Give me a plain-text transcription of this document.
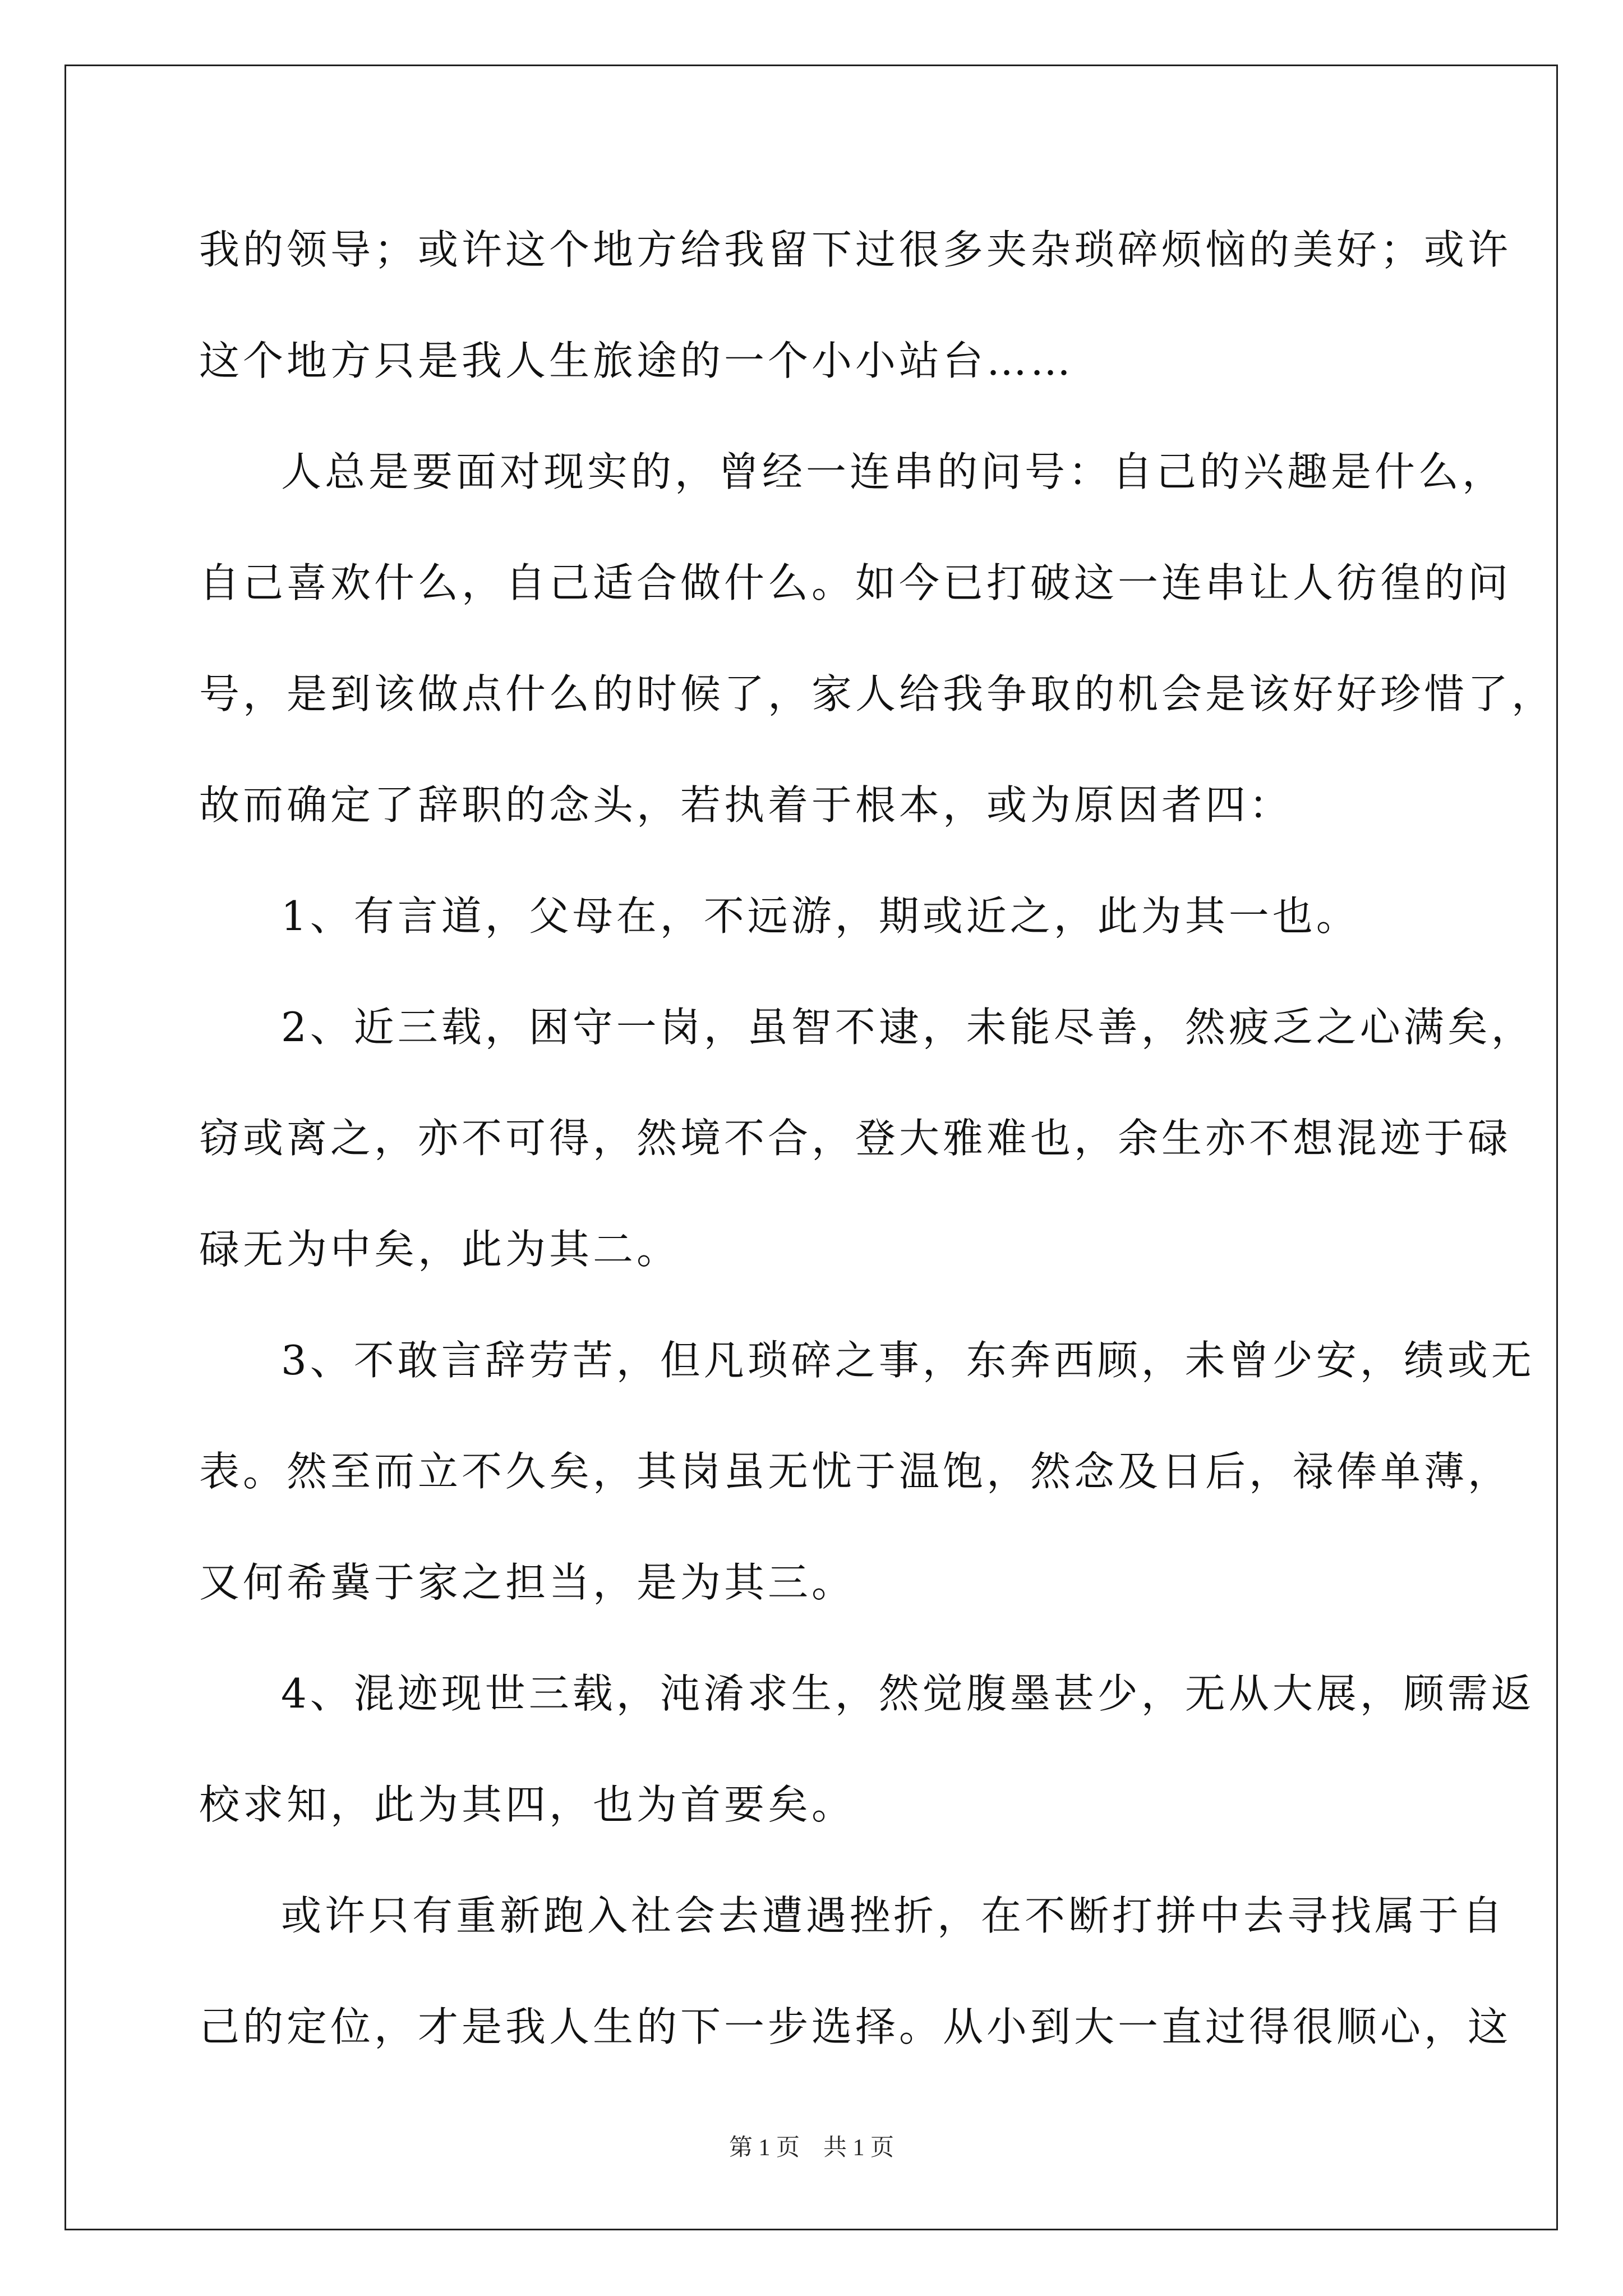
我的领导；或许这个地方给我留下过很多夹杂琐碎烦恼的美好；或许
这个地方只是我人生旅途的一个小小站台……
人总是要面对现实的，曾经一连串的问号：自己的兴趣是什么，
自己喜欢什么，自己适合做什么。如今已打破这一连串让人彷徨的问
号，是到该做点什么的时候了，家人给我争取的机会是该好好珍惜了，
故而确定了辞职的念头，若执着于根本，或为原因者四：
1、有言道，父母在，不远游，期或近之，此为其一也。
2、近三载，困守一岗，虽智不逮，未能尽善，然疲乏之心满矣，
窃或离之，亦不可得，然境不合，登大雅难也，余生亦不想混迹于碌
碌无为中矣，此为其二。
3、不敢言辞劳苦，但凡琐碎之事，东奔西顾，未曾少安，绩或无
表。然至而立不久矣，其岗虽无忧于温饱，然念及日后，禄俸单薄，
又何希冀于家之担当，是为其三。
4、混迹现世三载，沌淆求生，然觉腹墨甚少，无从大展，顾需返
校求知，此为其四，也为首要矣。
或许只有重新跑入社会去遭遇挫折，在不断打拼中去寻找属于自
己的定位，才是我人生的下一步选择。从小到大一直过得很顺心，这
第 1 页　共 1 页
